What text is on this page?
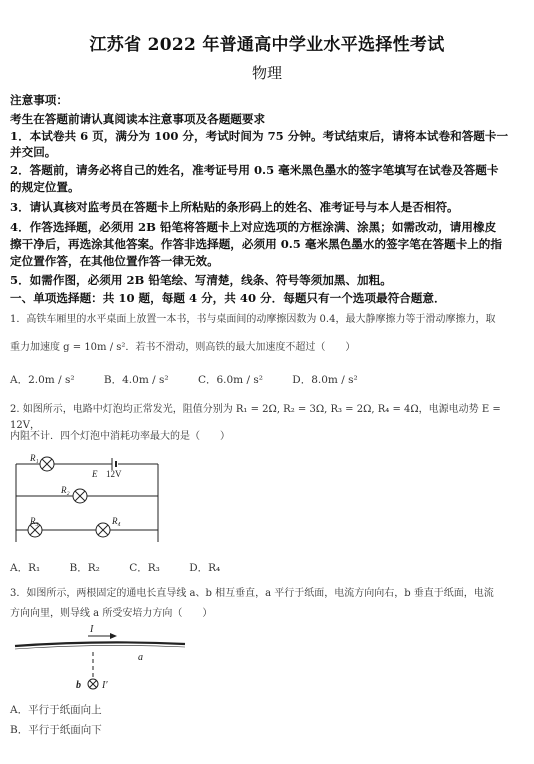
江苏省 2022 年普通高中学业水平选择性考试
物理
注意事项：
考生在答题前请认真阅读本注意事项及各题题要求
1．本试卷共 6 页，满分为 100 分，考试时间为 75 分钟。考试结束后，请将本试卷和答题卡一
并交回。
2．答题前，请务必将自己的姓名，准考证号用 0.5 毫米黑色墨水的签字笔填写在试卷及答题卡
的规定位置。
3．请认真核对监考员在答题卡上所粘贴的条形码上的姓名、准考证号与本人是否相符。
4．作答选择题，必须用 2B 铅笔将答题卡上对应选项的方框涂满、涂黑；如需改动，请用橡皮
擦干净后，再选涂其他答案。作答非选择题，必须用 0.5 毫米黑色墨水的签字笔在答题卡上的指
定位置作答，在其他位置作答一律无效。
5．如需作图，必须用 2B 铅笔绘、写清楚，线条、符号等须加黑、加粗。
一、单项选择题：共 10 题，每题 4 分，共 40 分．每题只有一个选项最符合题意．
1．高铁车厢里的水平桌面上放置一本书，书与桌面间的动摩擦因数为 0.4，最大静摩擦力等于滑动摩擦力，取
重力加速度 g = 10m / s²．若书不滑动，则高铁的最大加速度不超过（　　）
A．2.0m / s²	B．4.0m / s²	C．6.0m / s²	D．8.0m / s²
2. 如图所示，电路中灯泡均正常发光，阻值分别为 R₁ = 2Ω, R₂ = 3Ω, R₃ = 2Ω, R₄ = 4Ω，电源电动势 E = 12V，
内阻不计．四个灯泡中消耗功率最大的是（　　）
R₁
R₂
R₃	R₄
E 12V
A．R₁	B．R₂	C．R₃	D．R₄
3．如图所示，两根固定的通电长直导线 a、b 相互垂直，a 平行于纸面，电流方向向右，b 垂直于纸面，电流
方向向里，则导线 a 所受安培力方向（　　）
I
a
b I′
A．平行于纸面向上
B．平行于纸面向下
